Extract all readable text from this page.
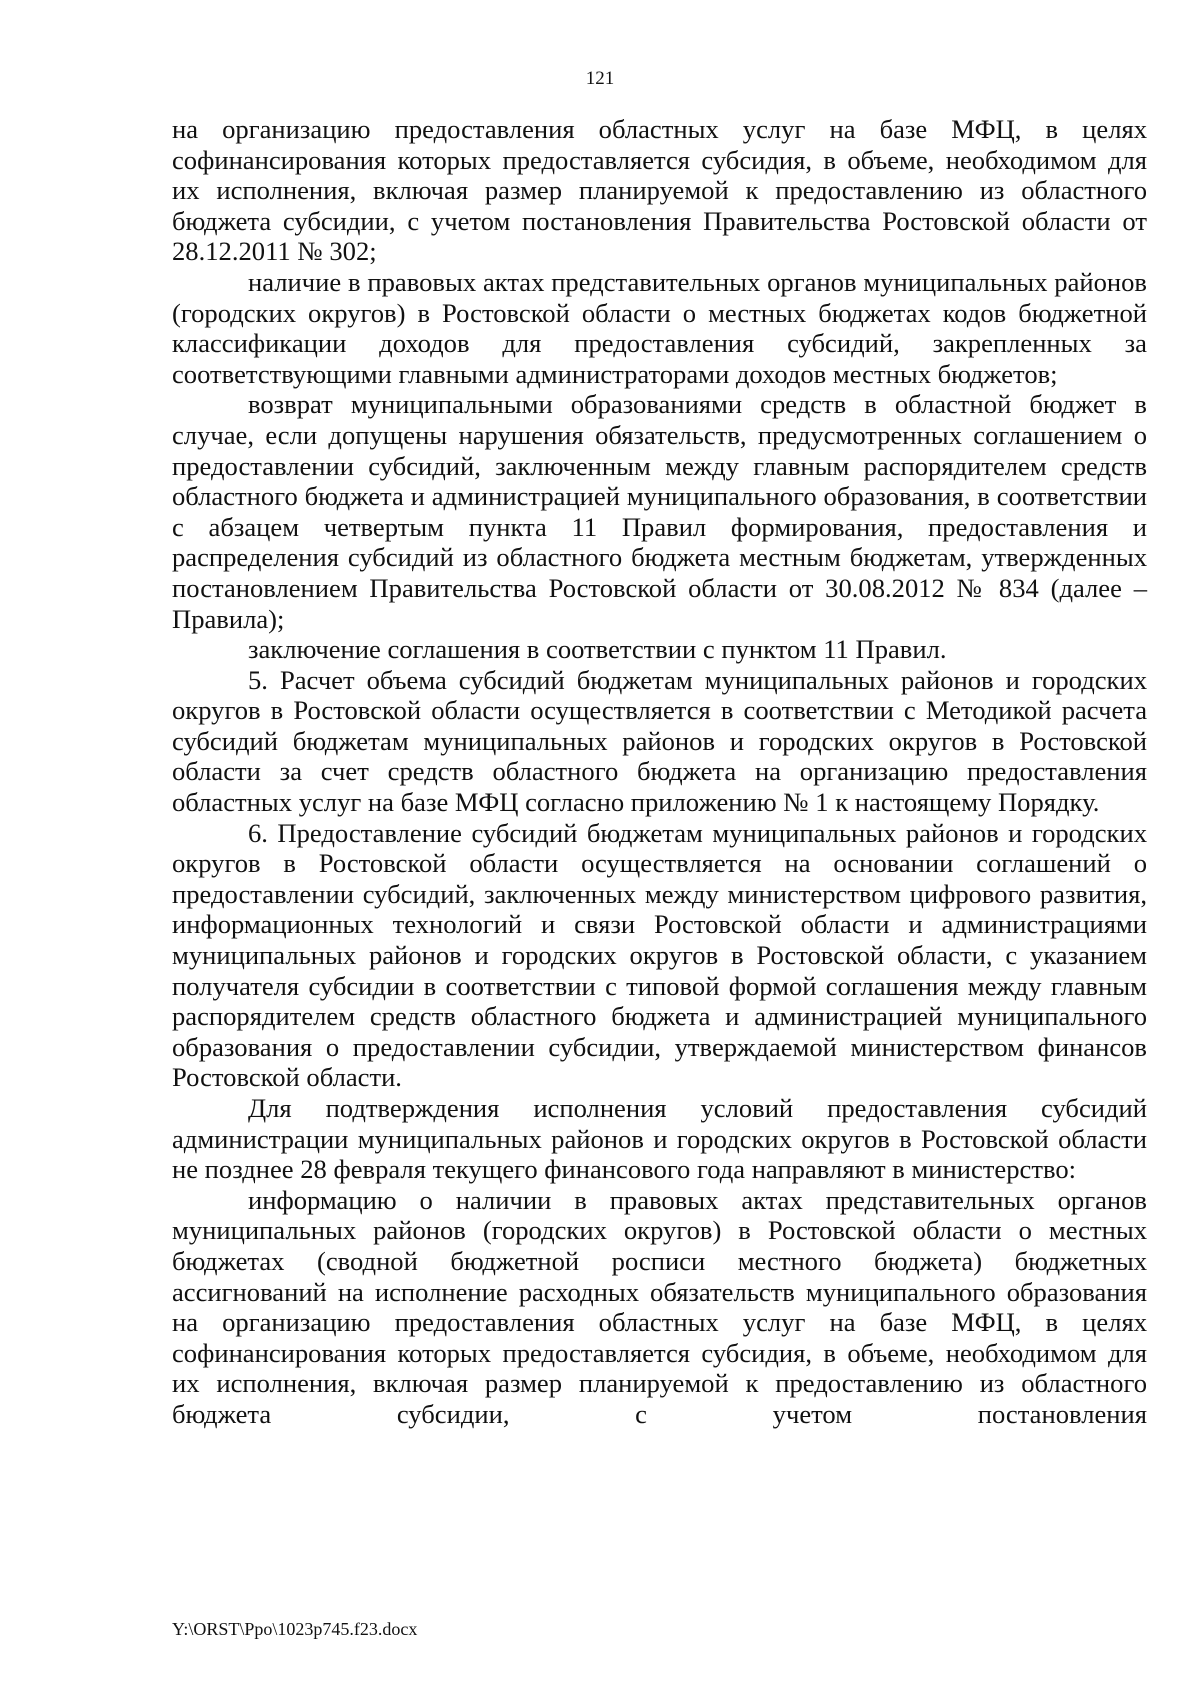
121

на организацию предоставления областных услуг на базе МФЦ, в целях софинансирования которых предоставляется субсидия, в объеме, необходимом для их исполнения, включая размер планируемой к предоставлению из областного бюджета субсидии, с учетом постановления Правительства Ростовской области от 28.12.2011 № 302;

наличие в правовых актах представительных органов муниципальных районов (городских округов) в Ростовской области о местных бюджетах кодов бюджетной классификации доходов для предоставления субсидий, закрепленных за соответствующими главными администраторами доходов местных бюджетов;

возврат муниципальными образованиями средств в областной бюджет в случае, если допущены нарушения обязательств, предусмотренных соглашением о предоставлении субсидий, заключенным между главным распорядителем средств областного бюджета и администрацией муниципального образования, в соответствии с абзацем четвертым пункта 11 Правил формирования, предоставления и распределения субсидий из областного бюджета местным бюджетам, утвержденных постановлением Правительства Ростовской области от 30.08.2012 № 834 (далее – Правила);

заключение соглашения в соответствии с пунктом 11 Правил.

5. Расчет объема субсидий бюджетам муниципальных районов и городских округов в Ростовской области осуществляется в соответствии с Методикой расчета субсидий бюджетам муниципальных районов и городских округов в Ростовской области за счет средств областного бюджета на организацию предоставления областных услуг на базе МФЦ согласно приложению № 1 к настоящему Порядку.

6. Предоставление субсидий бюджетам муниципальных районов и городских округов в Ростовской области осуществляется на основании соглашений о предоставлении субсидий, заключенных между министерством цифрового развития, информационных технологий и связи Ростовской области и администрациями муниципальных районов и городских округов в Ростовской области, с указанием получателя субсидии в соответствии с типовой формой соглашения между главным распорядителем средств областного бюджета и администрацией муниципального образования о предоставлении субсидии, утверждаемой министерством финансов Ростовской области.

Для подтверждения исполнения условий предоставления субсидий администрации муниципальных районов и городских округов в Ростовской области не позднее 28 февраля текущего финансового года направляют в министерство:

информацию о наличии в правовых актах представительных органов муниципальных районов (городских округов) в Ростовской области о местных бюджетах (сводной бюджетной росписи местного бюджета) бюджетных ассигнований на исполнение расходных обязательств муниципального образования на организацию предоставления областных услуг на базе МФЦ, в целях софинансирования которых предоставляется субсидия, в объеме, необходимом для их исполнения, включая размер планируемой к предоставлению из областного бюджета субсидии, с учетом постановления

Y:\ORST\Ppo\1023p745.f23.docx
